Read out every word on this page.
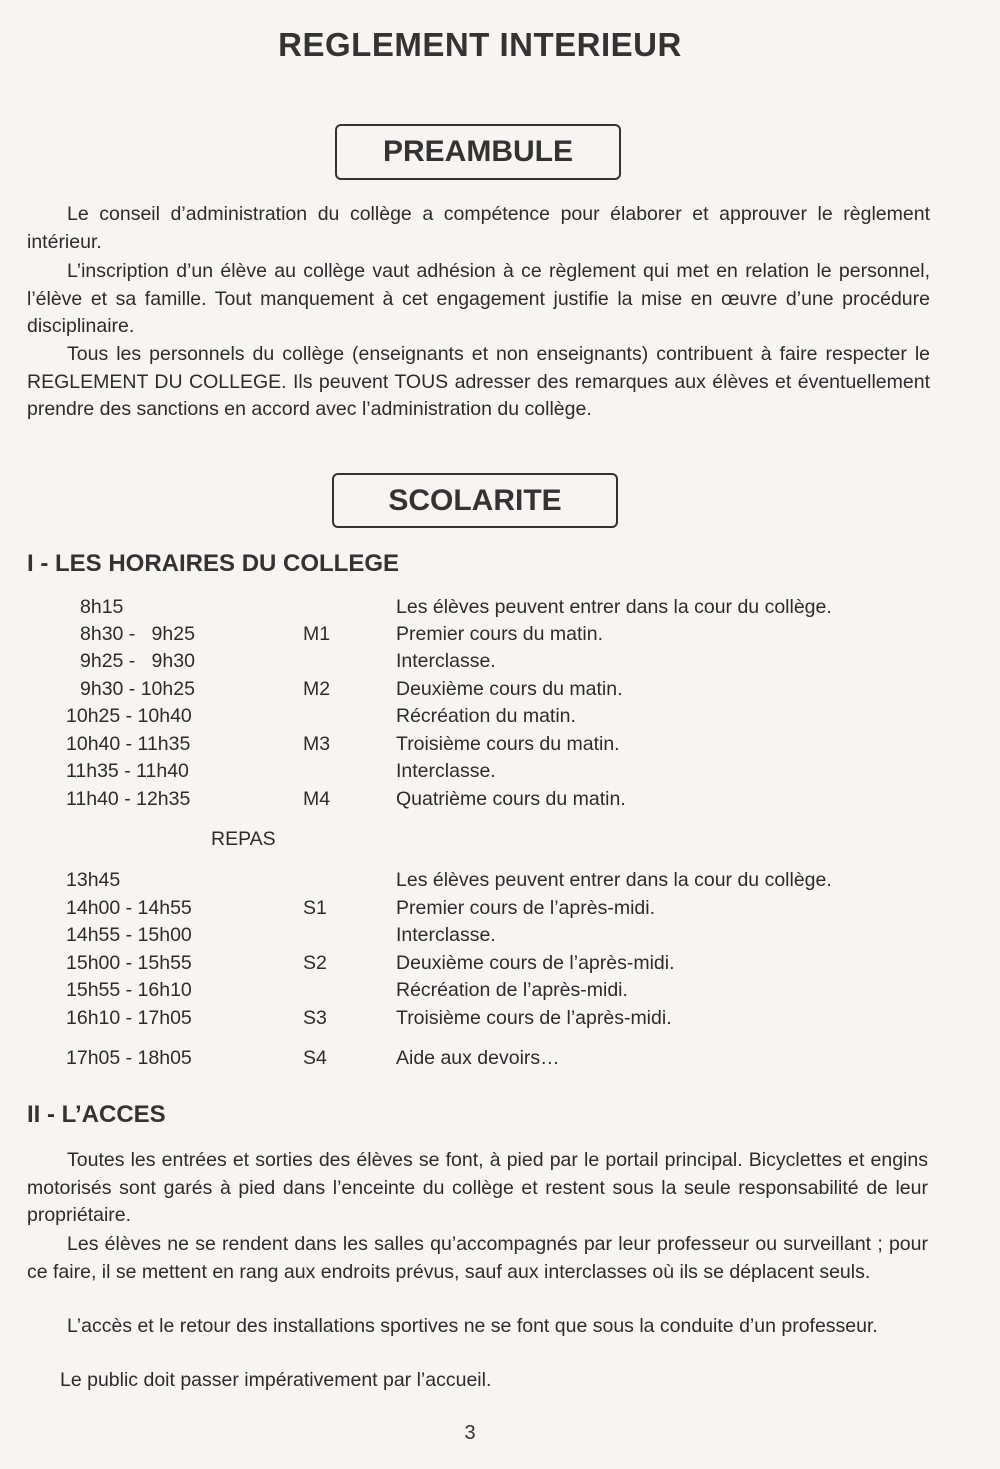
REGLEMENT INTERIEUR
PREAMBULE

Le conseil d’administration du collège a compétence pour élaborer et approuver le règlement intérieur.

L’inscription d’un élève au collège vaut adhésion à ce règlement qui met en relation le personnel, l’élève et sa famille. Tout manquement à cet engagement justifie la mise en œuvre d’une procédure disciplinaire.

Tous les personnels du collège (enseignants et non enseignants) contribuent à faire respecter le REGLEMENT DU COLLEGE. Ils peuvent TOUS adresser des remarques aux élèves et éventuellement prendre des sanctions en accord avec l’administration du collège.

SCOLARITE
I - LES HORAIRES DU COLLEGE
8h15	Les élèves peuvent entrer dans la cour du collège.
8h30 -   9h25	M1	Premier cours du matin.
9h25 -   9h30	Interclasse.
9h30 - 10h25	M2	Deuxième cours du matin.
10h25 - 10h40	Récréation du matin.
10h40 - 11h35	M3	Troisième cours du matin.
11h35 - 11h40	Interclasse.
11h40 - 12h35	M4	Quatrième cours du matin.
REPAS
13h45	Les élèves peuvent entrer dans la cour du collège.
14h00 - 14h55	S1	Premier cours de l’après-midi.
14h55 - 15h00	Interclasse.
15h00 - 15h55	S2	Deuxième cours de l’après-midi.
15h55 - 16h10	Récréation de l’après-midi.
16h10 - 17h05	S3	Troisième cours de l’après-midi.
17h05 - 18h05	S4	Aide aux devoirs…
II - L’ACCES

Toutes les entrées et sorties des élèves se font, à pied par le portail principal. Bicyclettes et engins motorisés sont garés à pied dans l’enceinte du collège et restent sous la seule responsabilité de leur propriétaire.

Les élèves ne se rendent dans les salles qu’accompagnés par leur professeur ou surveillant ; pour ce faire, il se mettent en rang aux endroits prévus, sauf aux interclasses où ils se déplacent seuls.

L’accès et le retour des installations sportives ne se font que sous la conduite d’un professeur.

Le public doit passer impérativement par l’accueil.

3
